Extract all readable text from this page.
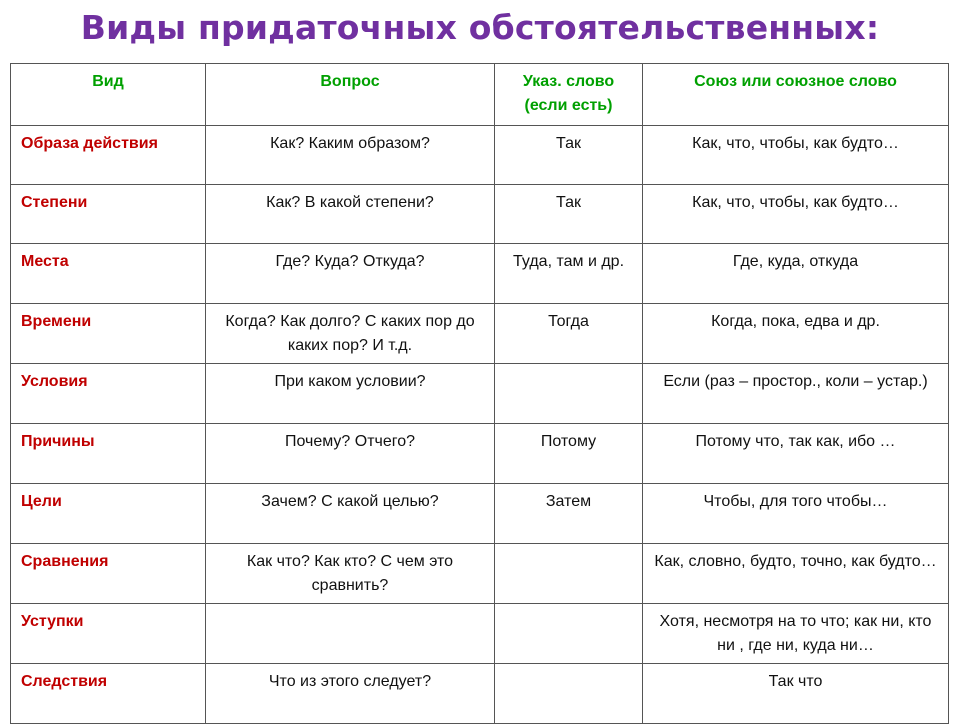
Виды придаточных обстоятельственных:
Вид	Вопрос	Указ. слово (если есть)	Союз или союзное слово
Образа действия	Как? Каким образом?	Так	Как, что, чтобы, как будто…
Степени	Как? В какой степени?	Так	Как, что, чтобы, как будто…
Места	Где? Куда? Откуда?	Туда, там и др.	Где, куда, откуда
Времени	Когда? Как долго? С каких пор до каких пор? И т.д.	Тогда	Когда, пока, едва и др.
Условия	При каком условии?		Если (раз – простор., коли – устар.)
Причины	Почему? Отчего?	Потому	Потому что, так как, ибо …
Цели	Зачем? С какой целью?	Затем	Чтобы, для того чтобы…
Сравнения	Как что? Как кто? С чем это сравнить?		Как, словно, будто, точно, как будто…
Уступки			Хотя, несмотря на то что; как ни, кто ни , где ни, куда ни…
Следствия	Что из этого следует?		Так что
